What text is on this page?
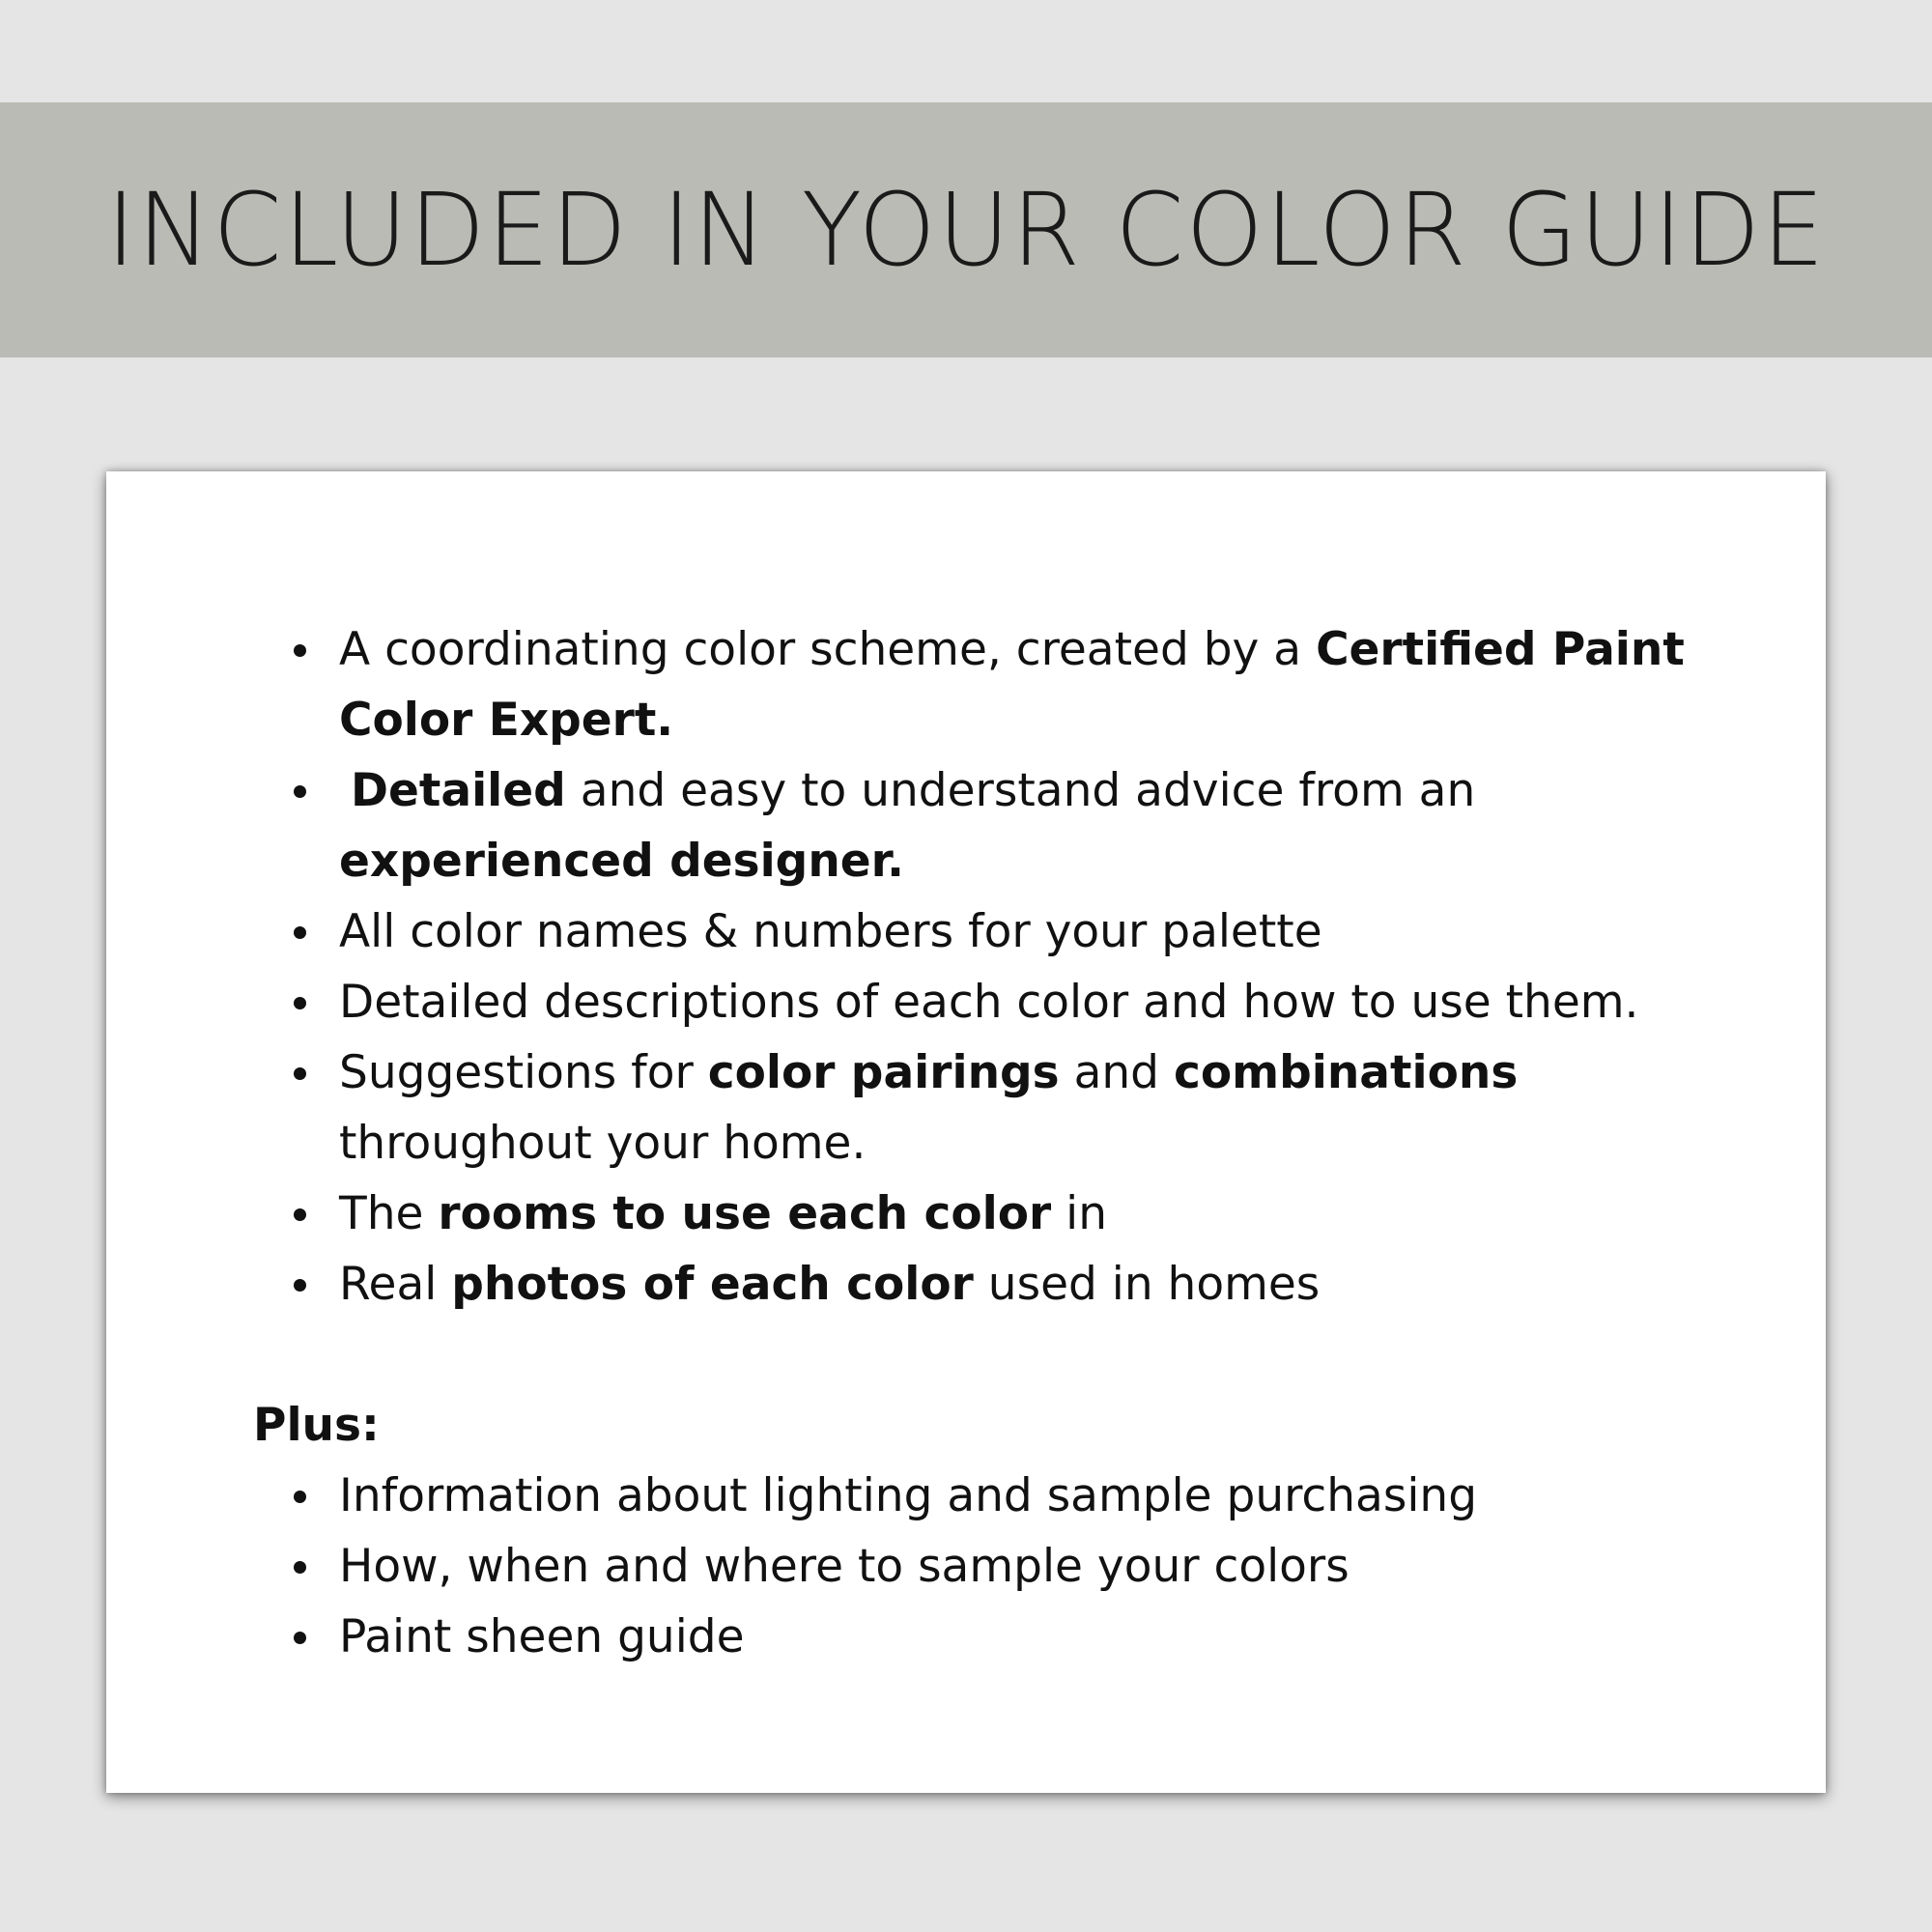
INCLUDED IN YOUR COLOR GUIDE
A coordinating color scheme, created by a Certified Paint Color Expert.
Detailed and easy to understand advice from an experienced designer.
All color names & numbers for your palette
Detailed descriptions of each color and how to use them.
Suggestions for color pairings and combinations throughout your home.
The rooms to use each color in
Real photos of each color used in homes
Plus:
Information about lighting and sample purchasing
How, when and where to sample your colors
Paint sheen guide
